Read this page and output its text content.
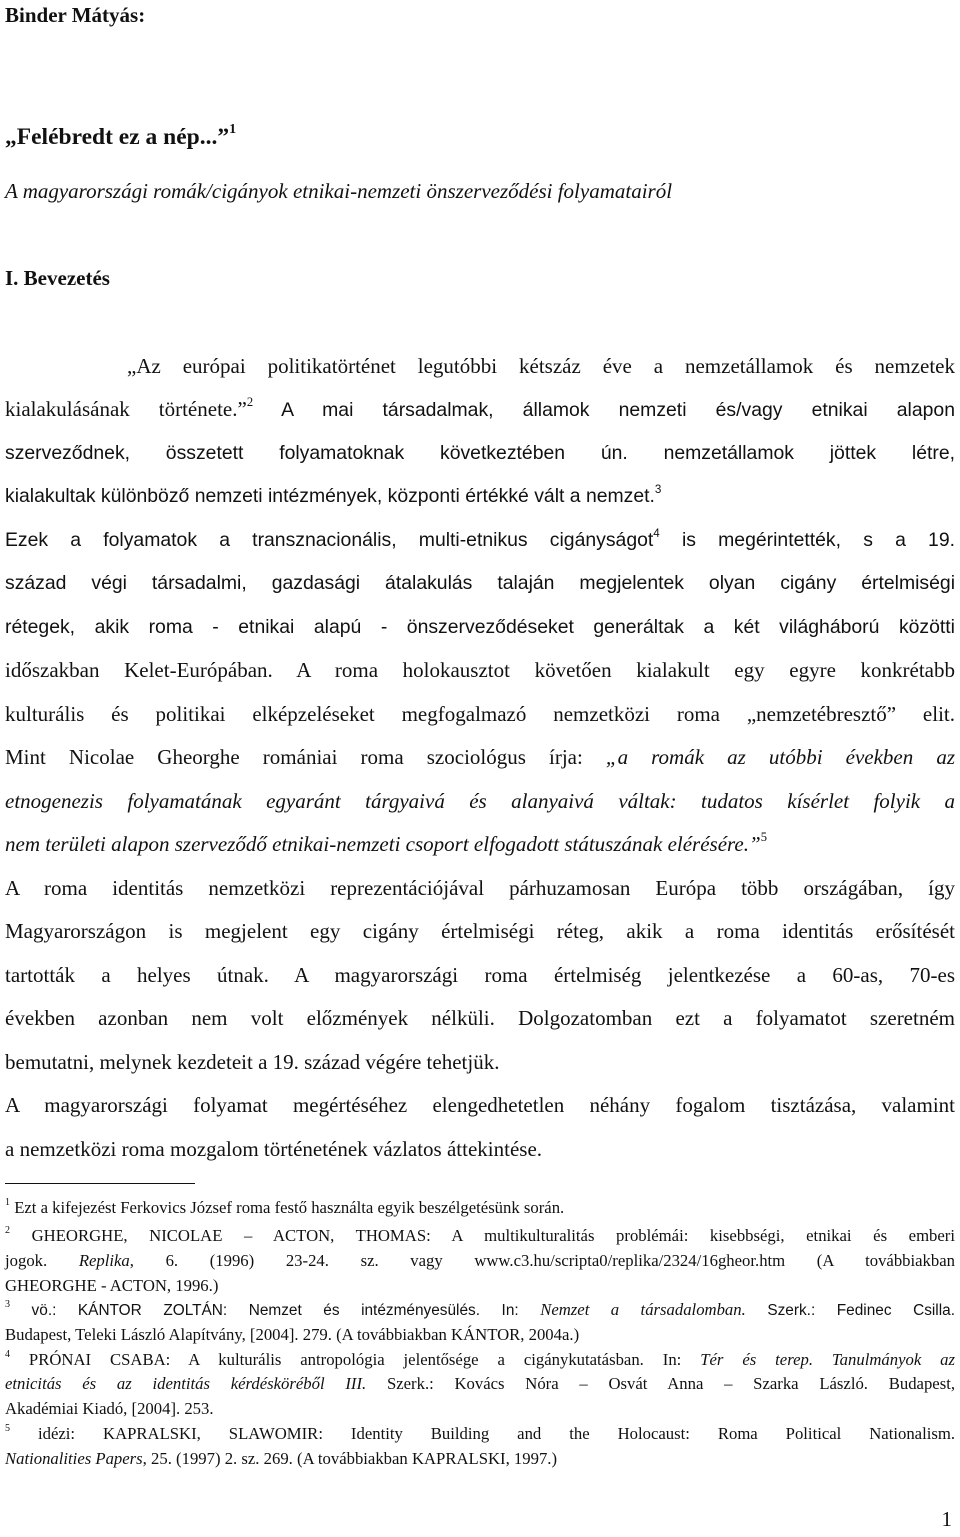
Binder Mátyás:
„Felébredt ez a nép...”$^1$
A magyarországi romák/cigányok etnikai-nemzeti önszerveződési folyamatairól
I. Bevezetés
„Az európai politikatörténet legutóbbi kétszáz éve a nemzetállamok és nemzetek
kialakulásának története.”$^2$ A mai társadalmak, államok nemzeti és/vagy etnikai alapon
szerveződnek, összetett folyamatoknak következtében ún. nemzetállamok jöttek létre,
kialakultak különböző nemzeti intézmények, központi értékké vált a nemzet.$^3$
Ezek a folyamatok a transznacionális, multi-etnikus cigányságot$^4$ is megérintették, s a 19.
század végi társadalmi, gazdasági átalakulás talaján megjelentek olyan cigány értelmiségi
rétegek, akik roma - etnikai alapú - önszerveződéseket generáltak a két világháború közötti
időszakban Kelet-Európában. A roma holokausztot követően kialakult egy egyre konkrétabb
kulturális és politikai elképzeléseket megfogalmazó nemzetközi roma „nemzetébresztő” elit.
Mint Nicolae Gheorghe romániai roma szociológus írja: „a romák az utóbbi években az
etnogenezis folyamatának egyaránt tárgyaivá és alanyaivá váltak: tudatos kísérlet folyik a
nem területi alapon szerveződő etnikai-nemzeti csoport elfogadott státuszának elérésére.”$^5$
A roma identitás nemzetközi reprezentációjával párhuzamosan Európa több országában, így
Magyarországon is megjelent egy cigány értelmiségi réteg, akik a roma identitás erősítését
tartották a helyes útnak. A magyarországi roma értelmiség jelentkezése a 60-as, 70-es
években azonban nem volt előzmények nélküli. Dolgozatomban ezt a folyamatot szeretném
bemutatni, melynek kezdeteit a 19. század végére tehetjük.
A magyarországi folyamat megértéséhez elengedhetetlen néhány fogalom tisztázása, valamint
a nemzetközi roma mozgalom történetének vázlatos áttekintése.
$^1$ Ezt a kifejezést Ferkovics József roma festő használta egyik beszélgetésünk során.
$^2$ GHEORGHE, NICOLAE – ACTON, THOMAS: A multikulturalitás problémái: kisebbségi, etnikai és emberi
jogok. Replika, 6. (1996) 23-24. sz. vagy www.c3.hu/scripta0/replika/2324/16gheor.htm (A továbbiakban
GHEORGHE - ACTON, 1996.)
$^3$ vö.: KÁNTOR ZOLTÁN: Nemzet és intézményesülés. In: Nemzet a társadalomban. Szerk.: Fedinec Csilla.
Budapest, Teleki László Alapítvány, [2004]. 279. (A továbbiakban KÁNTOR, 2004a.)
$^4$ PRÓNAI CSABA: A kulturális antropológia jelentősége a cigánykutatásban. In: Tér és terep. Tanulmányok az
etnicitás és az identitás kérdésköréből III. Szerk.: Kovács Nóra – Osvát Anna – Szarka László. Budapest,
Akadémiai Kiadó, [2004]. 253.
$^5$ idézi: KAPRALSKI, SLAWOMIR: Identity Building and the Holocaust: Roma Political Nationalism.
Nationalities Papers, 25. (1997) 2. sz. 269. (A továbbiakban KAPRALSKI, 1997.)
1
